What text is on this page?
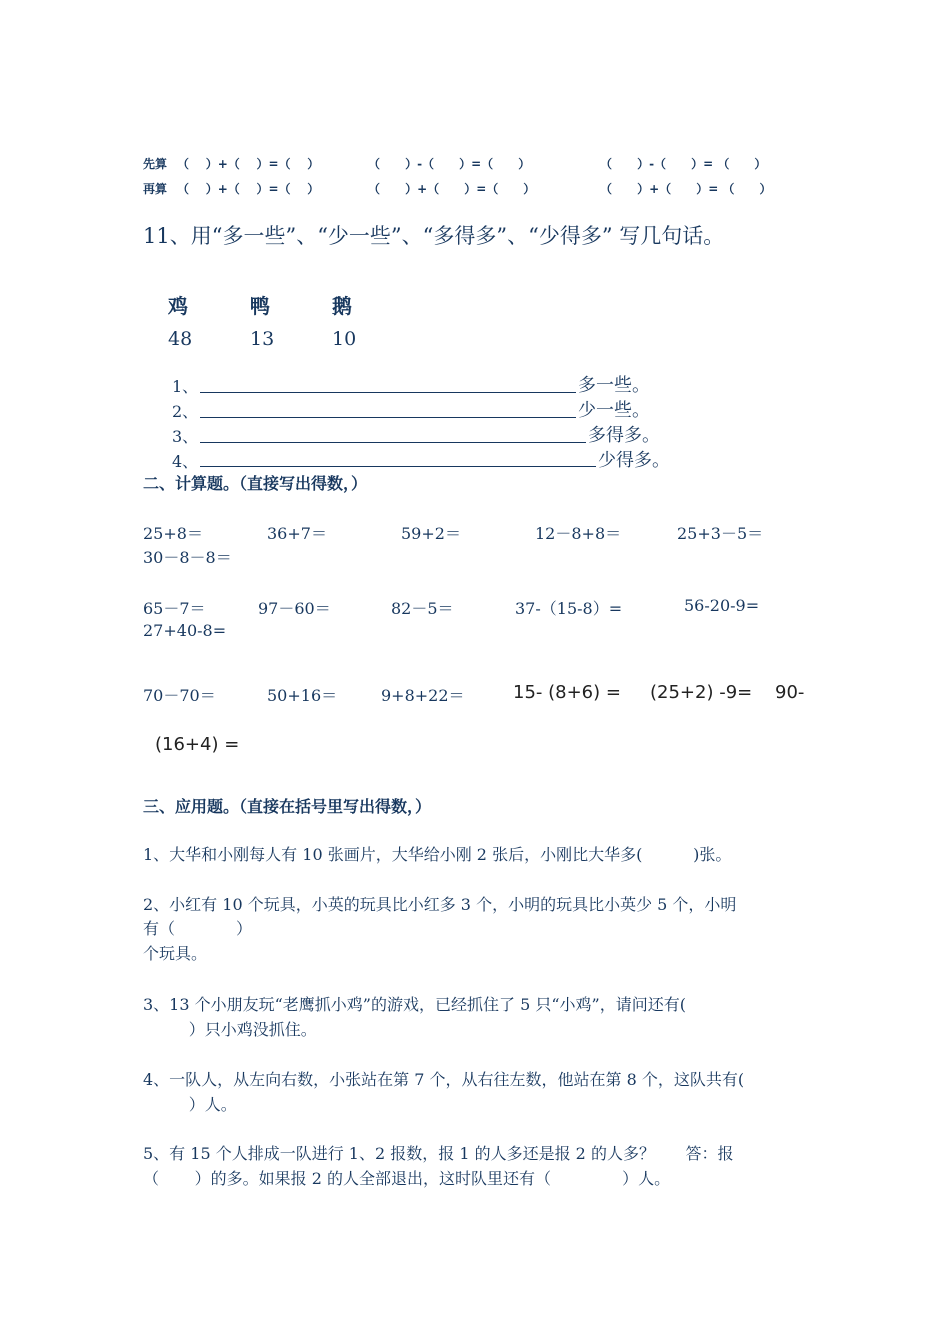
先算 （    ）+（    ）=（    ）	（      ）-（      ）=（      ）	（      ）-（      ）= （      ）
再算 （    ）+（    ）=（    ）	（      ）+（      ）=（      ）	（      ）+（      ）= （      ）
11、用“多一些”、“少一些”、“多得多”、“少得多” 写几句话。
鸡	鸭	鹅
48	13	10
1、	多一些。
2、	少一些。
3、	多得多。
4、	少得多。
二、计算题。（直接写出得数，）
25+8＝	36+7＝	59+2＝	12－8+8＝	25+3－5＝
30－8－8＝
65－7＝	97－60＝	82－5＝	37-（15-8）=	56-20-9=
27+40-8=
70－70＝	50+16＝	9+8+22＝	15- (8+6) = (25+2) -9= 90-
(16+4) =
三、应用题。（直接在括号里写出得数，）
1、大华和小刚每人有 10 张画片，大华给小刚 2 张后，小刚比大华多(          )张。
2、小红有 10 个玩具，小英的玩具比小红多 3 个，小明的玩具比小英少 5 个，小明
有（            ）
个玩具。
3、13 个小朋友玩“老鹰抓小鸡”的游戏，已经抓住了 5 只“小鸡”，请问还有(
）只小鸡没抓住。
4、一队人，从左向右数，小张站在第 7 个，从右往左数，他站在第 8 个，这队共有(
）人。
5、有 15 个人排成一队进行 1、2 报数，报 1 的人多还是报 2 的人多？      答：报
（       ）的多。如果报 2 的人全部退出，这时队里还有（              ）人。
